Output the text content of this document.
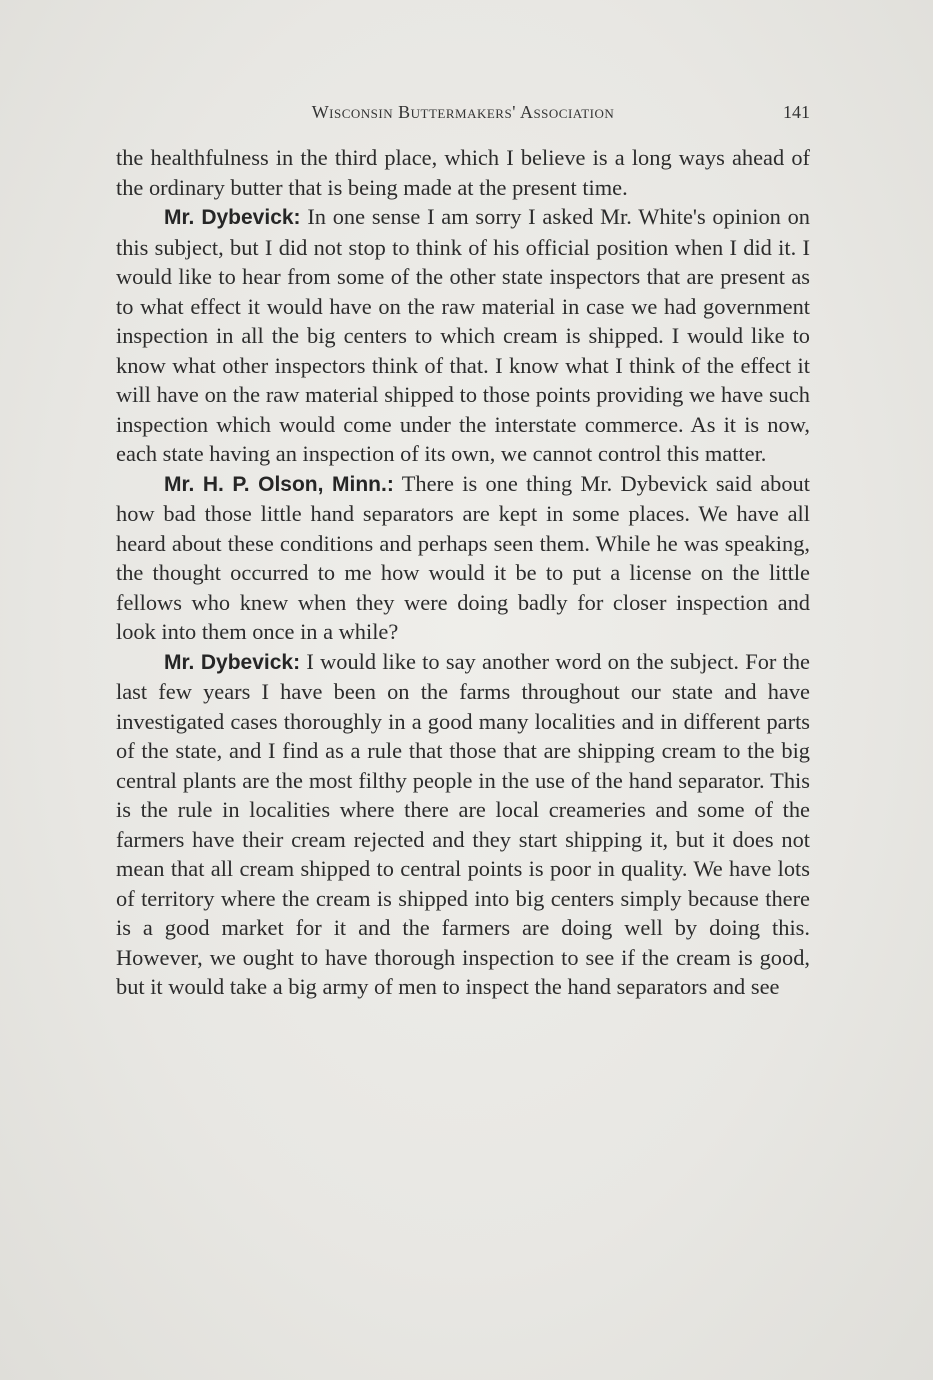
Wisconsin Buttermakers' Association	141

the healthfulness in the third place, which I believe is a long ways ahead of the ordinary butter that is being made at the present time.

Mr. Dybevick: In one sense I am sorry I asked Mr. White's opinion on this subject, but I did not stop to think of his official position when I did it. I would like to hear from some of the other state inspectors that are present as to what effect it would have on the raw material in case we had government inspection in all the big centers to which cream is shipped. I would like to know what other inspectors think of that. I know what I think of the effect it will have on the raw material shipped to those points providing we have such inspection which would come under the interstate commerce. As it is now, each state having an inspection of its own, we cannot control this matter.

Mr. H. P. Olson, Minn.: There is one thing Mr. Dybevick said about how bad those little hand separators are kept in some places. We have all heard about these conditions and perhaps seen them. While he was speaking, the thought occurred to me how would it be to put a license on the little fellows who knew when they were doing badly for closer inspection and look into them once in a while?

Mr. Dybevick: I would like to say another word on the subject. For the last few years I have been on the farms throughout our state and have investigated cases thoroughly in a good many localities and in different parts of the state, and I find as a rule that those that are shipping cream to the big central plants are the most filthy people in the use of the hand separator. This is the rule in localities where there are local creameries and some of the farmers have their cream rejected and they start shipping it, but it does not mean that all cream shipped to central points is poor in quality. We have lots of territory where the cream is shipped into big centers simply because there is a good market for it and the farmers are doing well by doing this. However, we ought to have thorough inspection to see if the cream is good, but it would take a big army of men to inspect the hand separators and see
